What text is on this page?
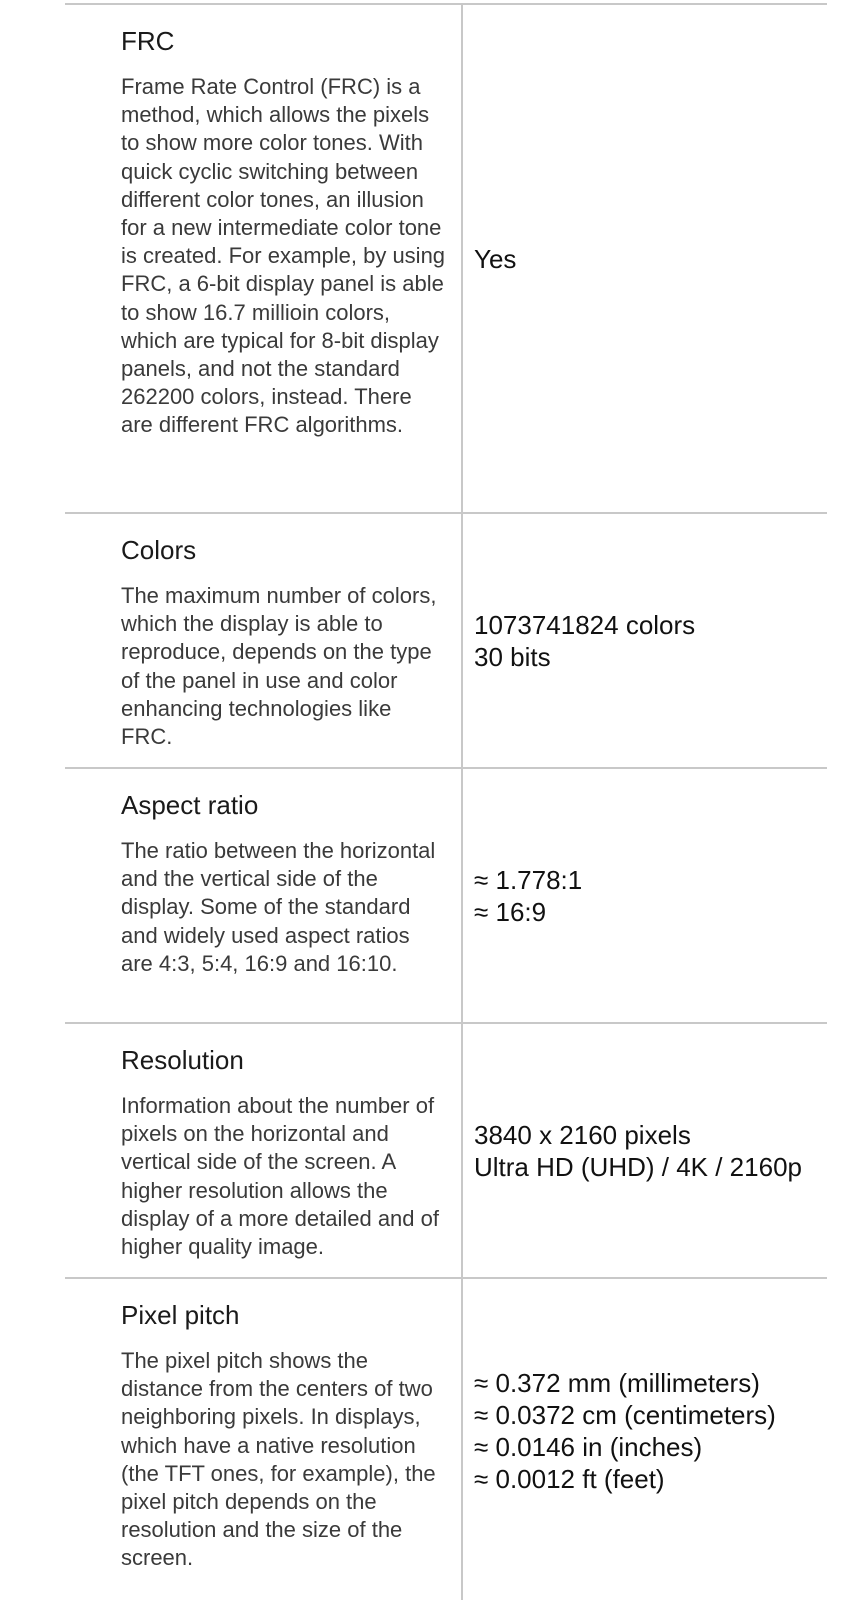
FRC

Frame Rate Control (FRC) is a method, which allows the pixels to show more color tones. With quick cyclic switching between different color tones, an illusion for a new intermediate color tone is created. For example, by using FRC, a 6-bit display panel is able to show 16.7 millioin colors, which are typical for 8-bit display panels, and not the standard 262200 colors, instead. There are different FRC algorithms.

Yes
Colors

The maximum number of colors, which the display is able to reproduce, depends on the type of the panel in use and color enhancing technologies like FRC.

1073741824 colors
30 bits
Aspect ratio

The ratio between the horizontal and the vertical side of the display. Some of the standard and widely used aspect ratios are 4:3, 5:4, 16:9 and 16:10.

≈ 1.778:1
≈ 16:9
Resolution

Information about the number of pixels on the horizontal and vertical side of the screen. A higher resolution allows the display of a more detailed and of higher quality image.

3840 x 2160 pixels
Ultra HD (UHD) / 4K / 2160p
Pixel pitch

The pixel pitch shows the distance from the centers of two neighboring pixels. In displays, which have a native resolution (the TFT ones, for example), the pixel pitch depends on the resolution and the size of the screen.

≈ 0.372 mm (millimeters)
≈ 0.0372 cm (centimeters)
≈ 0.0146 in (inches)
≈ 0.0012 ft (feet)
